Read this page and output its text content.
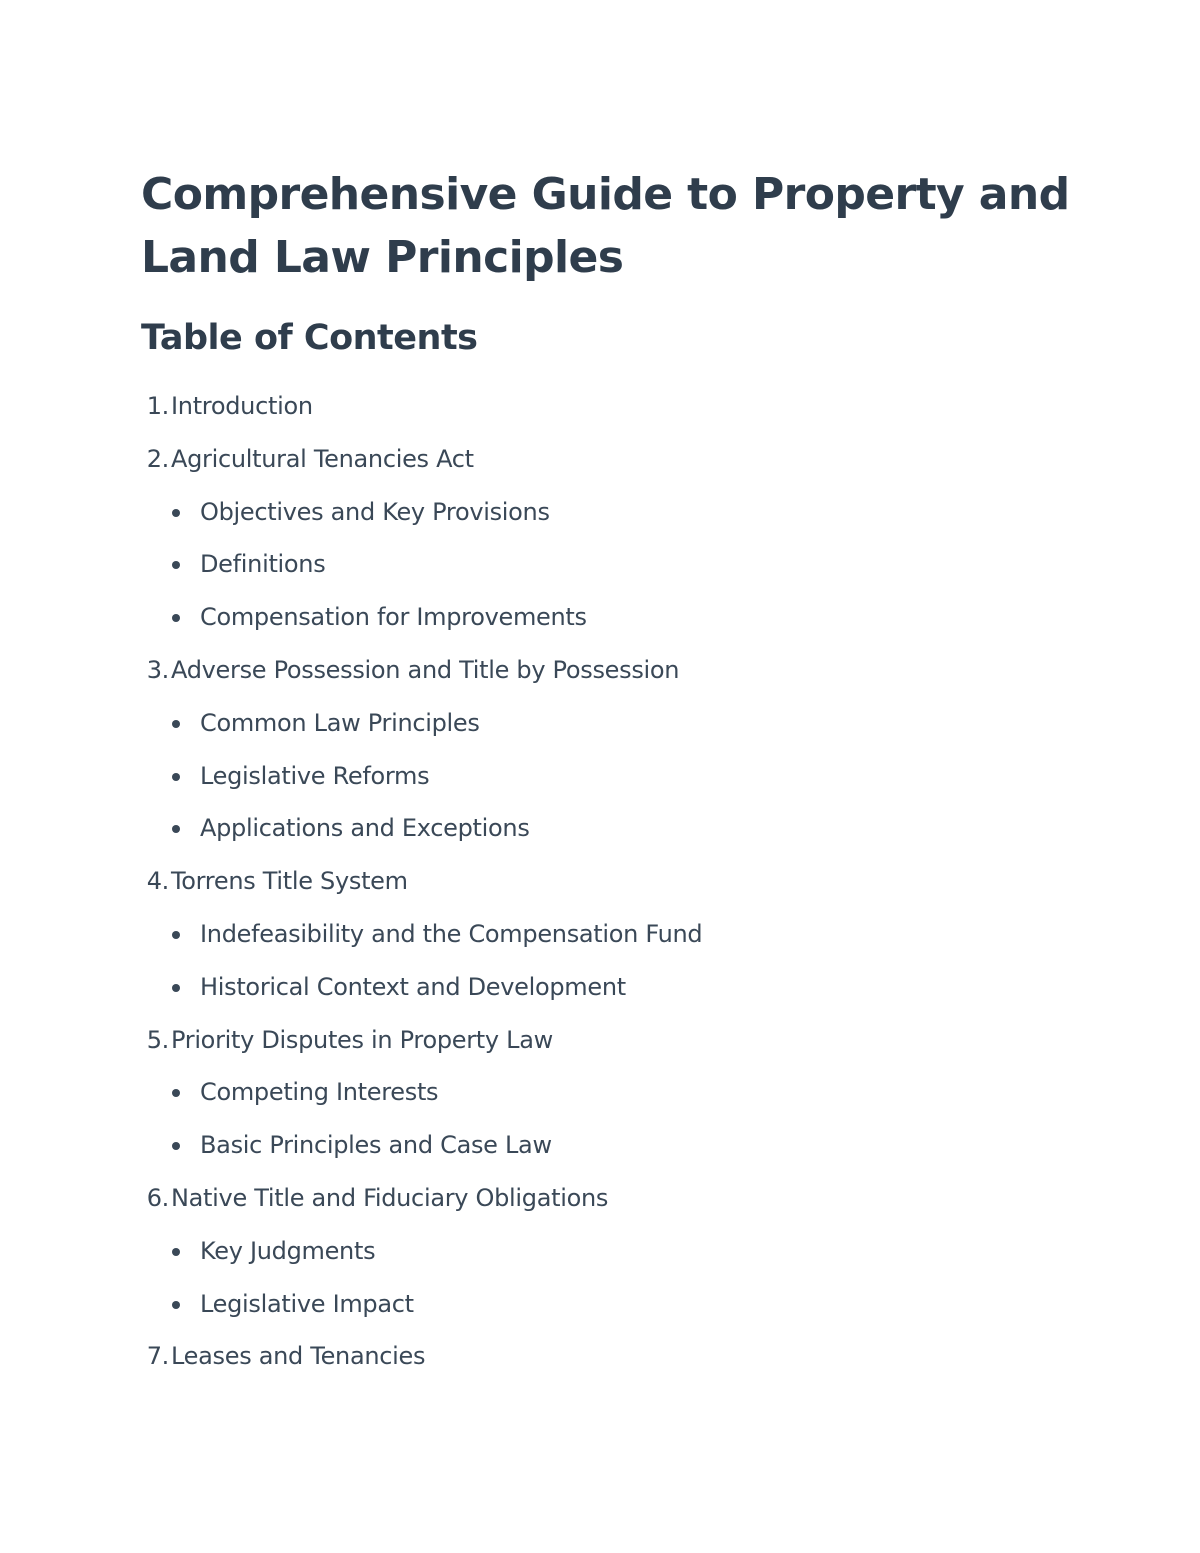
Comprehensive Guide to Property and Land Law Principles
Table of Contents
1. Introduction
2. Agricultural Tenancies Act
Objectives and Key Provisions
Definitions
Compensation for Improvements
3. Adverse Possession and Title by Possession
Common Law Principles
Legislative Reforms
Applications and Exceptions
4. Torrens Title System
Indefeasibility and the Compensation Fund
Historical Context and Development
5. Priority Disputes in Property Law
Competing Interests
Basic Principles and Case Law
6. Native Title and Fiduciary Obligations
Key Judgments
Legislative Impact
7. Leases and Tenancies
